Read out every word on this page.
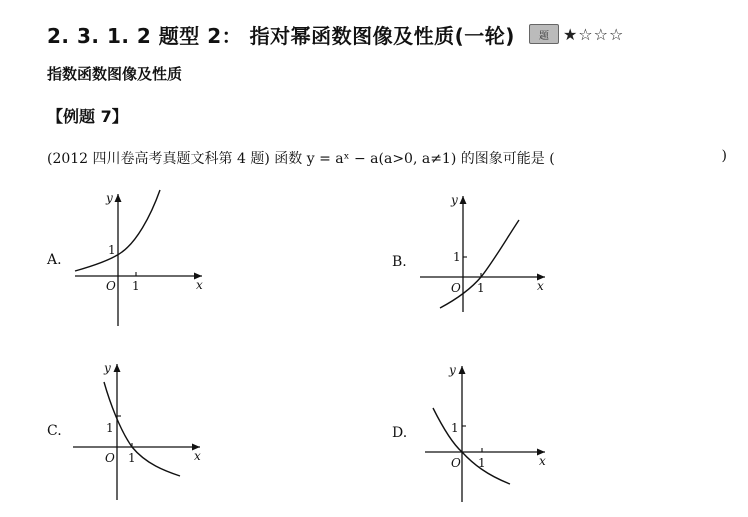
2. 3. 1. 2 题型 2： 指对幂函数图像及性质(一轮)	题 ★☆☆☆
指数函数图像及性质
【例题 7】
(2012 四川卷高考真题文科第 4 题) 函数 y = aˣ − a(a>0, a≠1) 的图象可能是 (	)
A.
1
1
O	x
y
B.	1
1
O	x
y
C.	1
1
O	x
y
D.	1
1
O	x
y
